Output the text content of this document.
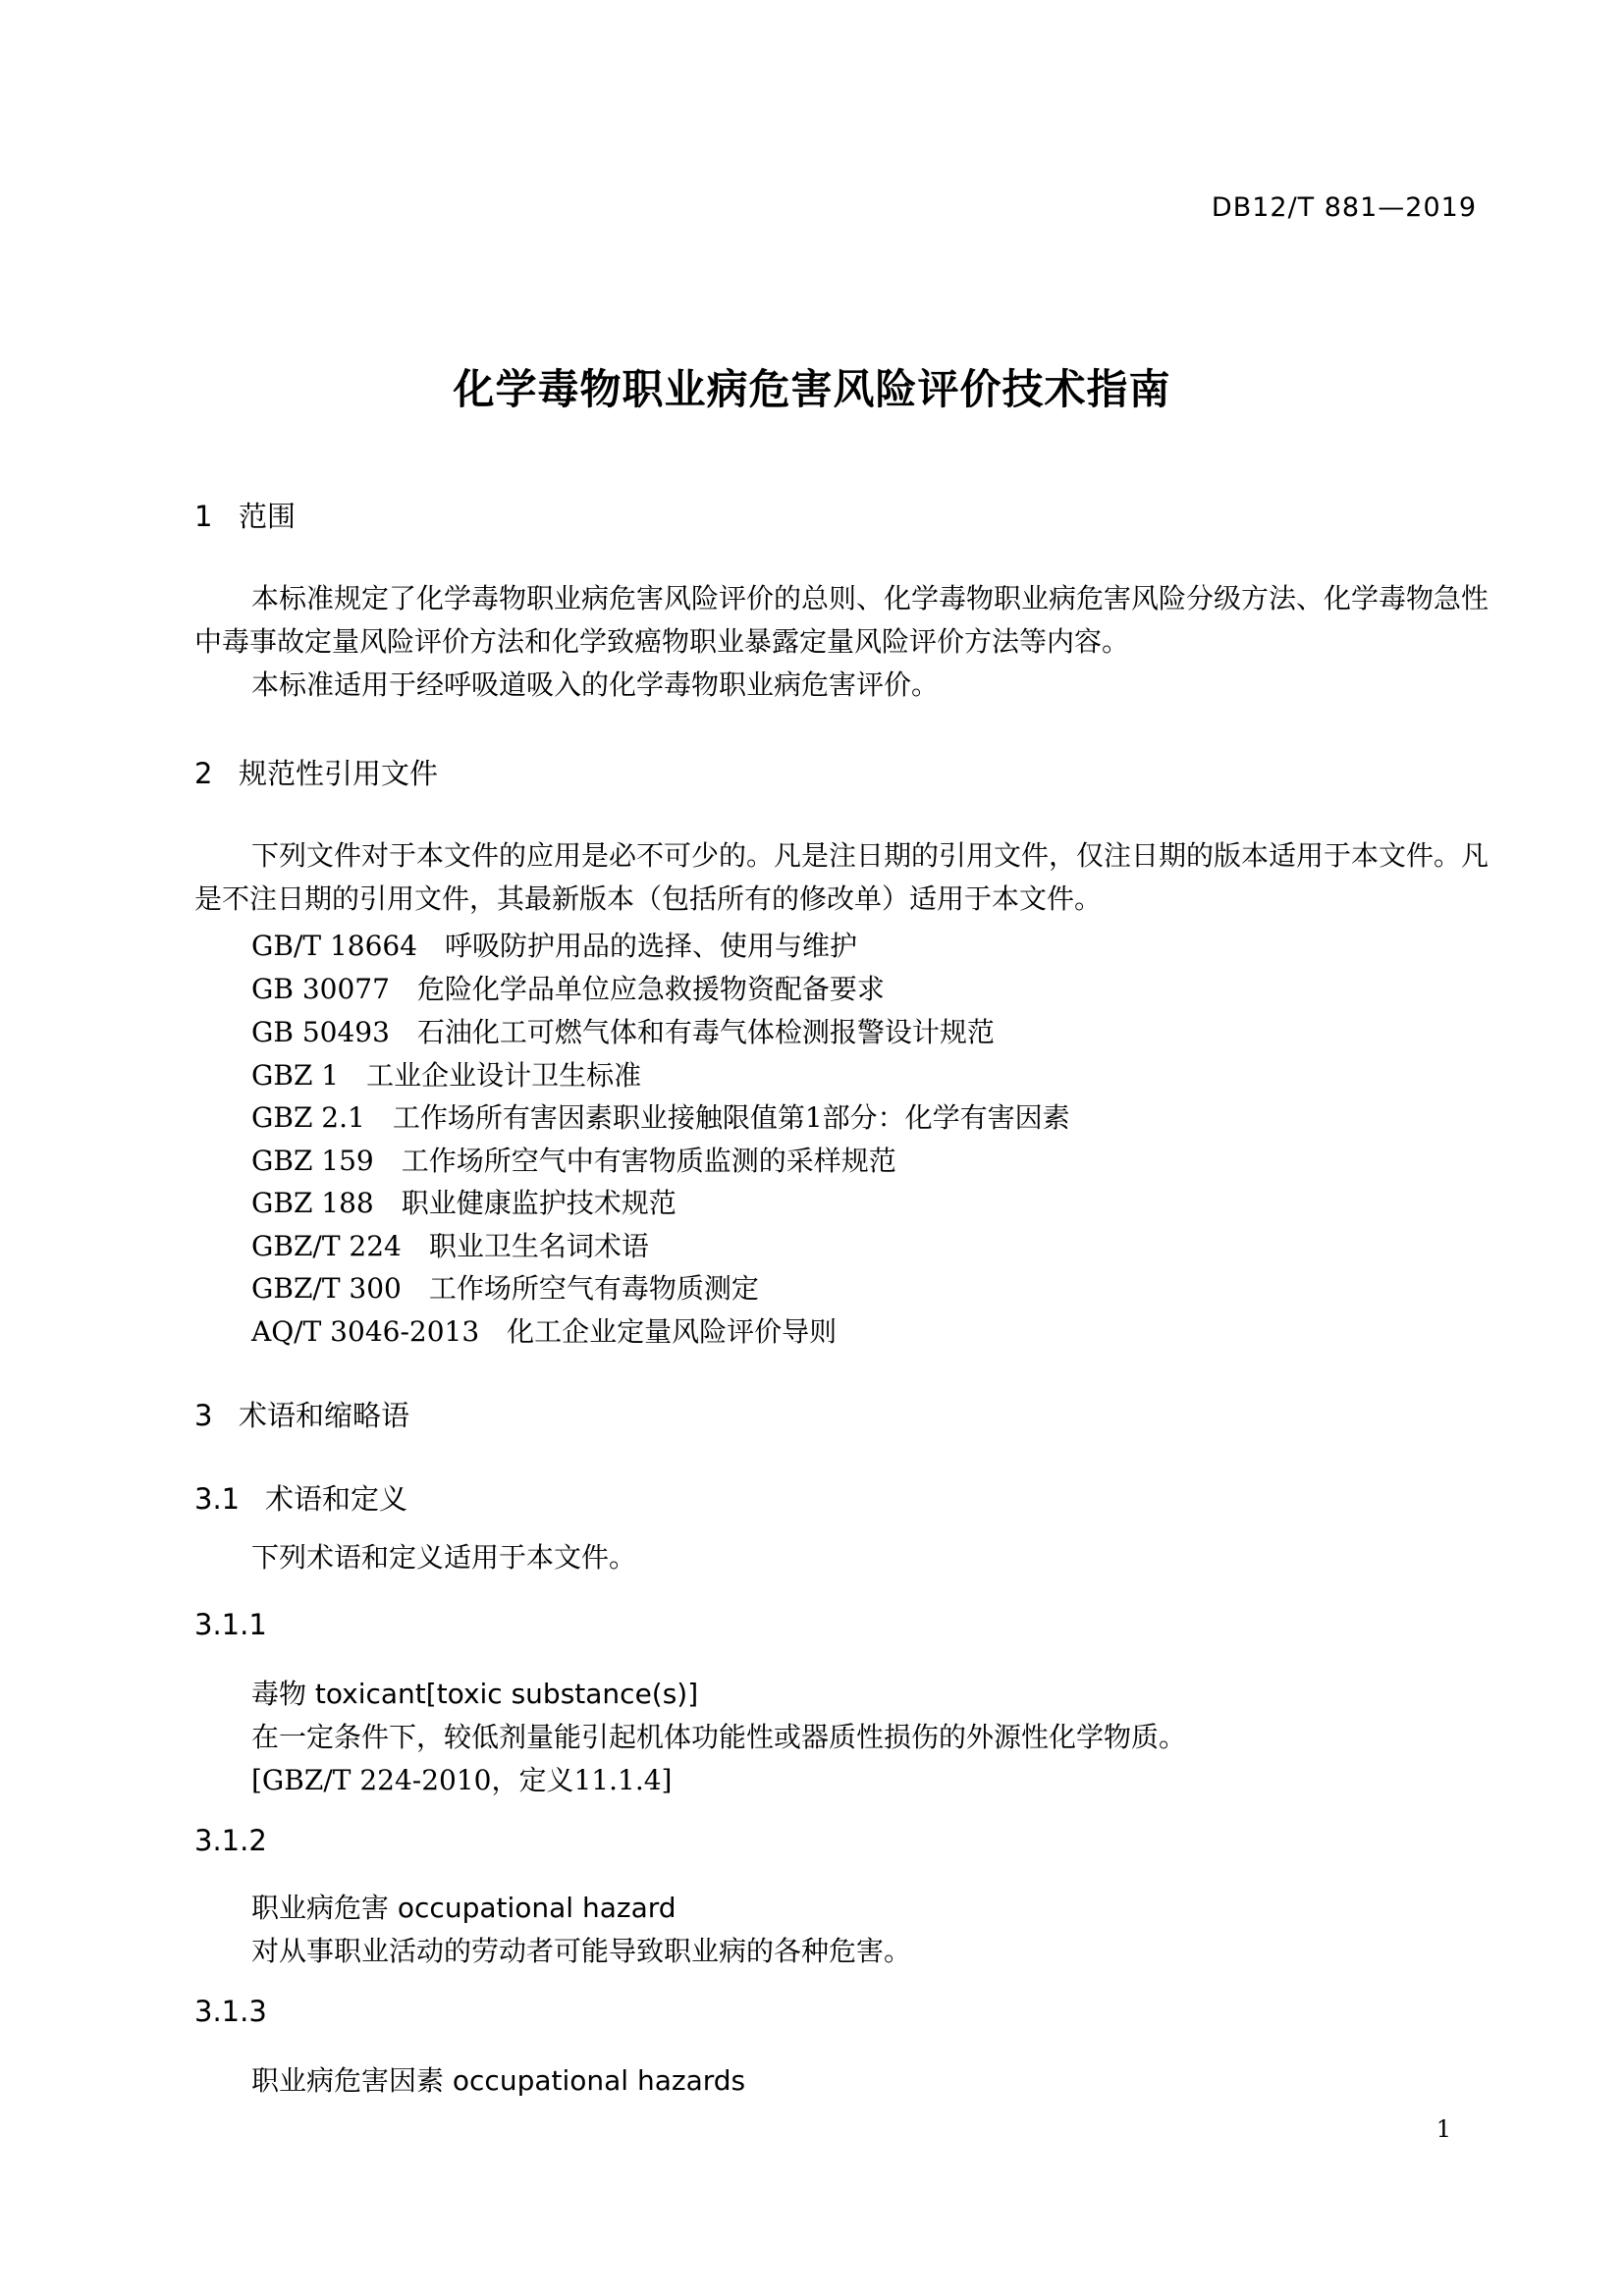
DB12/T 881—2019
化学毒物职业病危害风险评价技术指南
1 范围
本标准规定了化学毒物职业病危害风险评价的总则、化学毒物职业病危害风险分级方法、化学毒物急性中毒事故定量风险评价方法和化学致癌物职业暴露定量风险评价方法等内容。
本标准适用于经呼吸道吸入的化学毒物职业病危害评价。
2 规范性引用文件
下列文件对于本文件的应用是必不可少的。凡是注日期的引用文件，仅注日期的版本适用于本文件。凡是不注日期的引用文件，其最新版本（包括所有的修改单）适用于本文件。
GB/T 18664 呼吸防护用品的选择、使用与维护
GB 30077 危险化学品单位应急救援物资配备要求
GB 50493 石油化工可燃气体和有毒气体检测报警设计规范
GBZ 1 工业企业设计卫生标准
GBZ 2.1 工作场所有害因素职业接触限值第1部分：化学有害因素
GBZ 159 工作场所空气中有害物质监测的采样规范
GBZ 188 职业健康监护技术规范
GBZ/T 224 职业卫生名词术语
GBZ/T 300 工作场所空气有毒物质测定
AQ/T 3046-2013 化工企业定量风险评价导则
3 术语和缩略语
3.1 术语和定义
下列术语和定义适用于本文件。
3.1.1
毒物 toxicant[toxic substance(s)]
在一定条件下，较低剂量能引起机体功能性或器质性损伤的外源性化学物质。
[GBZ/T 224-2010，定义11.1.4]
3.1.2
职业病危害 occupational hazard
对从事职业活动的劳动者可能导致职业病的各种危害。
3.1.3
职业病危害因素 occupational hazards
1
